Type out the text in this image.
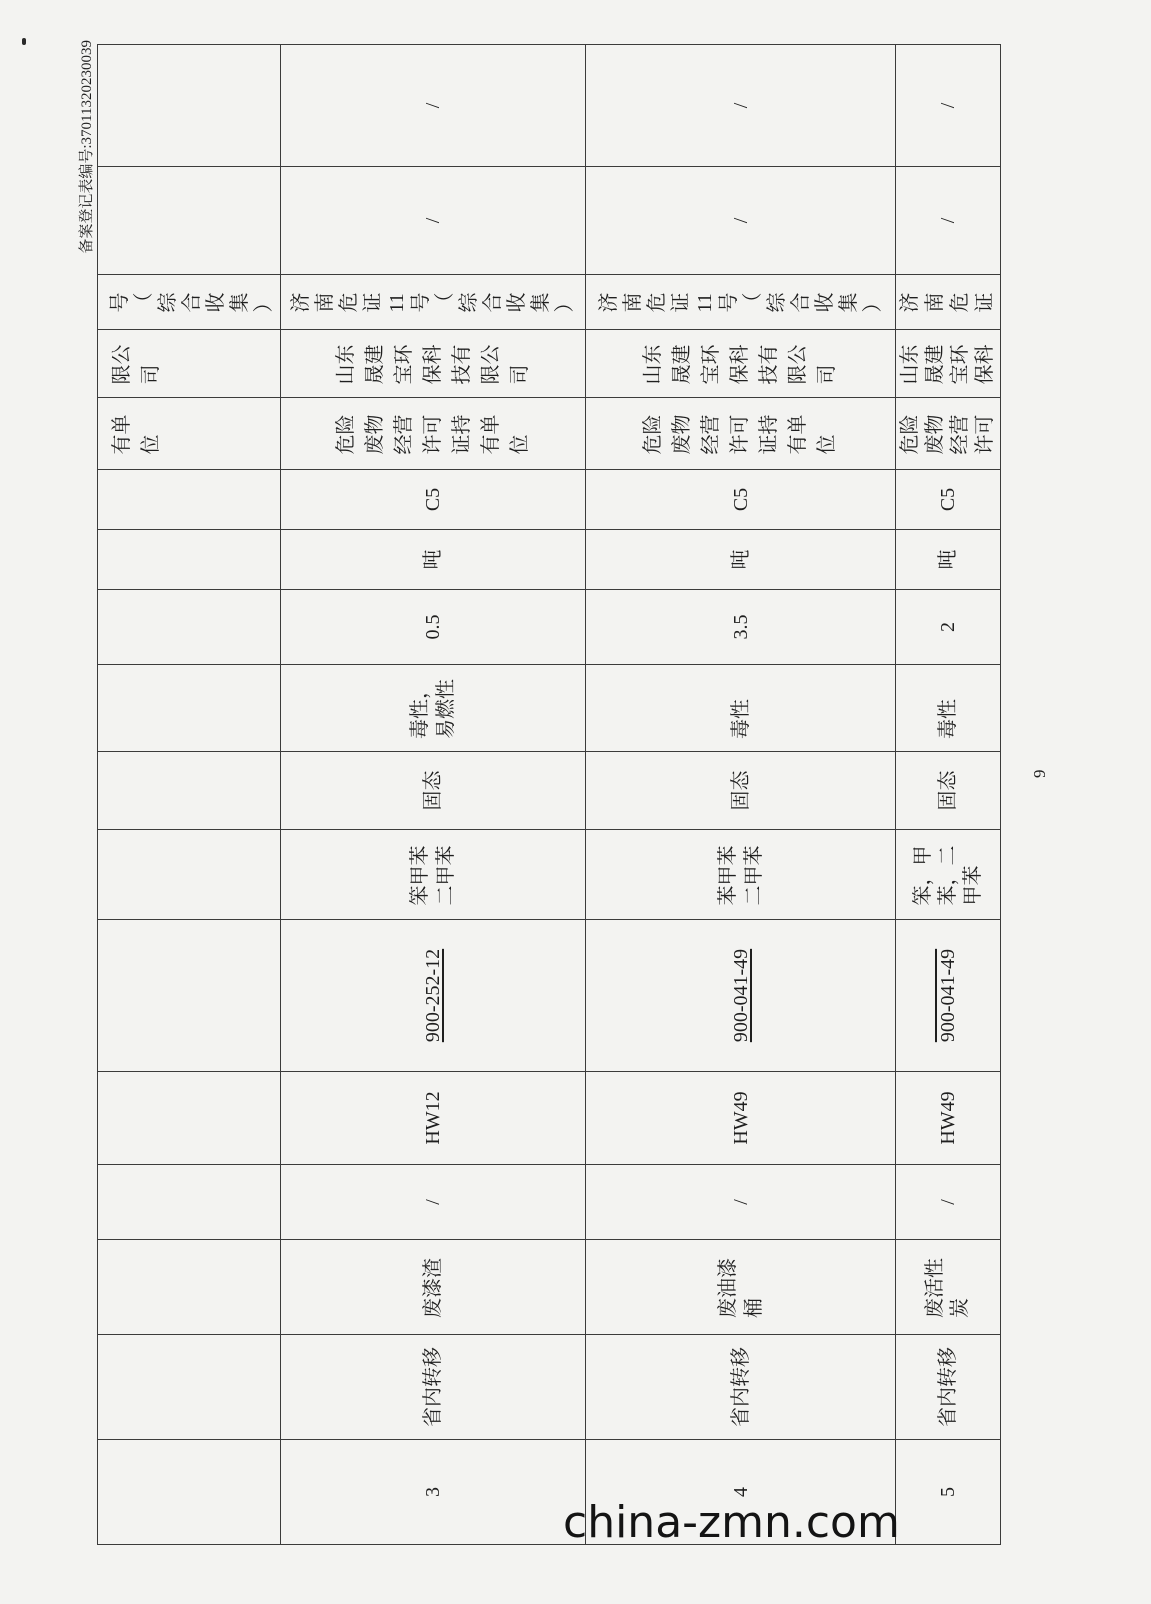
备案登记表编号:37011320230039
												有单位	限公司	号（综合收集）		
3	省内转移	废漆渣	/	HW12	900-252-12	笨甲苯二甲苯	固态	毒性，易燃性	0.5	吨	C5	危险废物经营许可证持有单位	山东晟建宝环保科技有限公司	济南危证11号（综合收集）	/	/
4	省内转移	废油漆桶	/	HW49	900-041-49	苯甲苯二甲苯	固态	毒性	3.5	吨	C5	危险废物经营许可证持有单位	山东晟建宝环保科技有限公司	济南危证11号（综合收集）	/	/
5	省内转移	废活性炭	/	HW49	900-041-49	笨，甲苯，二甲苯	固态	毒性	2	吨	C5	危险废物经营许可	山东晟建宝环保科	济南危证	/	/
9
china-zmn.com
